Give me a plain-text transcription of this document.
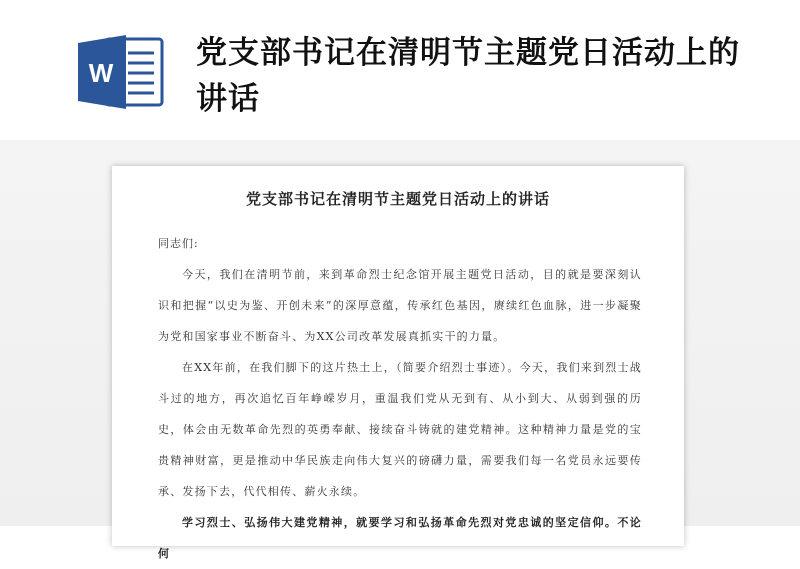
W
党支部书记在清明节主题党日活动上的讲话
党支部书记在清明节主题党日活动上的讲话

同志们:

今天，我们在清明节前，来到革命烈士纪念馆开展主题党日活动，目的就是要深刻认识和把握“以史为鉴、开创未来”的深厚意蕴，传承红色基因，赓续红色血脉，进一步凝聚为党和国家事业不断奋斗、为XX公司改革发展真抓实干的力量。

在XX年前，在我们脚下的这片热土上，（简要介绍烈士事迹）。今天，我们来到烈士战斗过的地方，再次追忆百年峥嵘岁月，重温我们党从无到有、从小到大、从弱到强的历史，体会由无数革命先烈的英勇奉献、接续奋斗铸就的建党精神。这种精神力量是党的宝贵精神财富，更是推动中华民族走向伟大复兴的磅礴力量，需要我们每一名党员永远要传承、发扬下去，代代相传、薪火永续。

学习烈士、弘扬伟大建党精神，就要学习和弘扬革命先烈对党忠诚的坚定信仰。不论何
